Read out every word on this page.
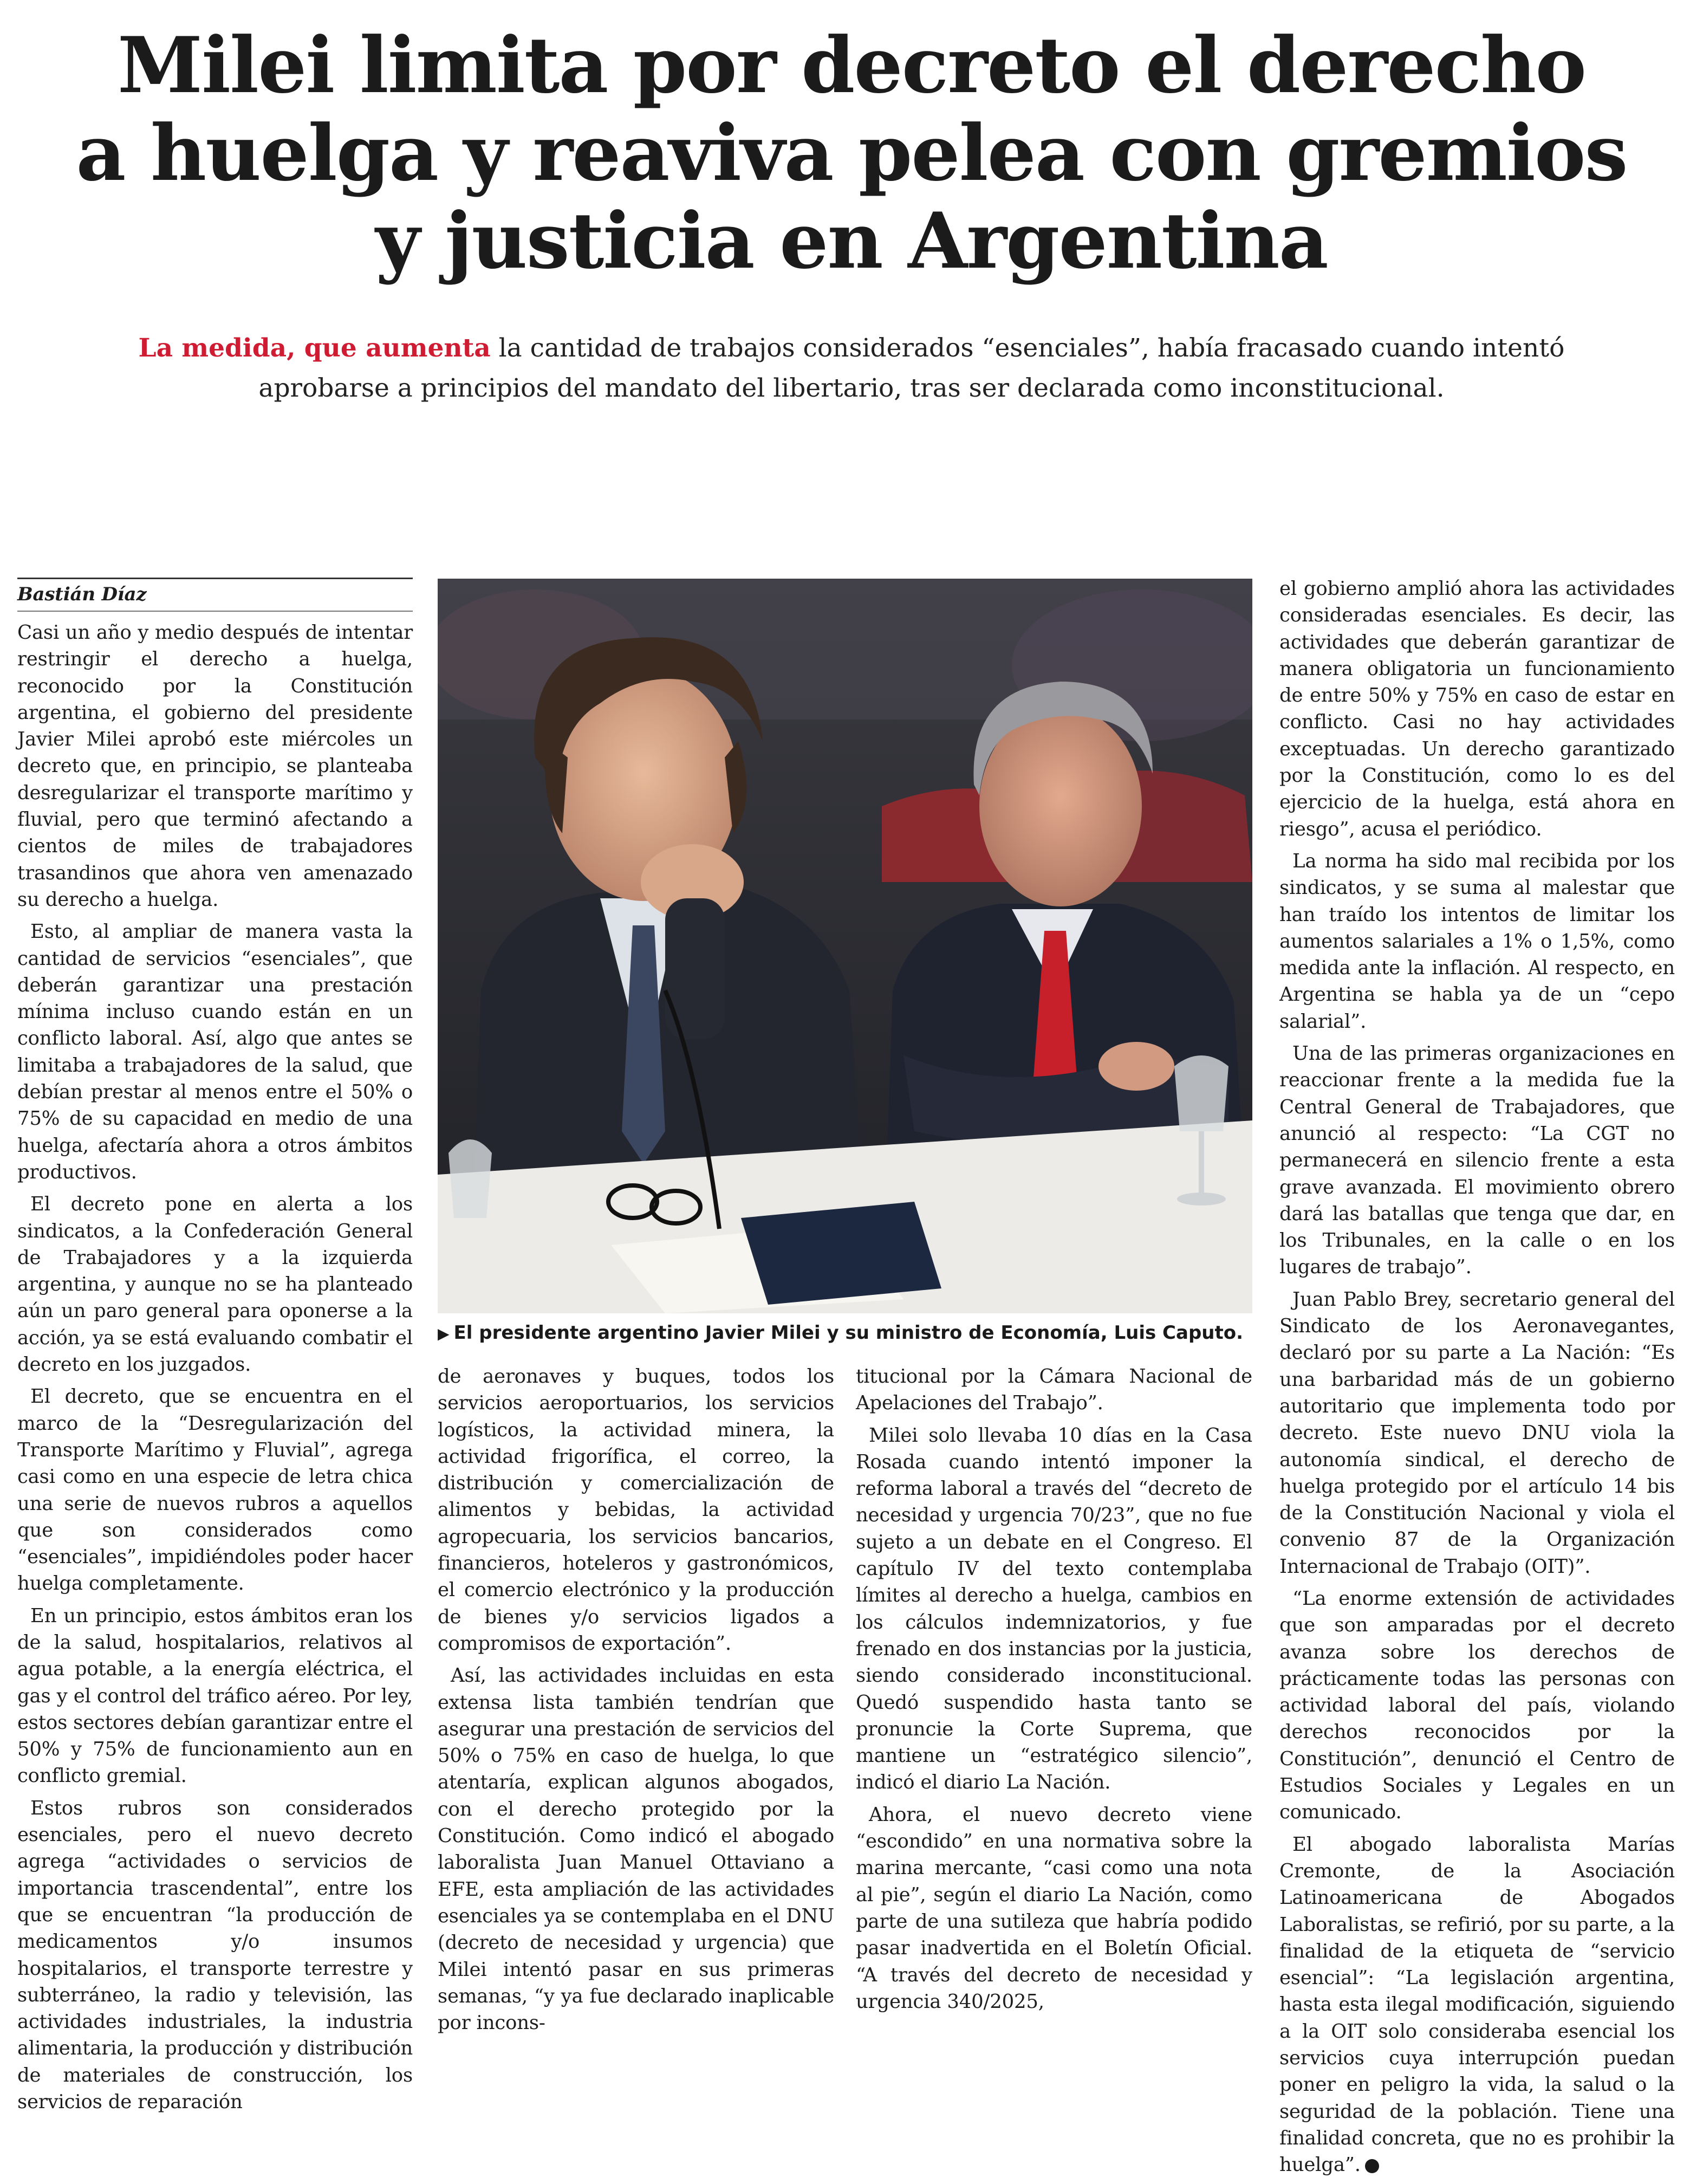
Milei limita por decreto el derecho
a huelga y reaviva pelea con gremios
y justicia en Argentina
La medida, que aumenta la cantidad de trabajos considerados “esenciales”, había fracasado cuando intentó aprobarse a principios del mandato del libertario, tras ser declarada como inconstitucional.
Bastián Díaz

Casi un año y medio después de intentar restringir el derecho a huelga, reconocido por la Constitución argentina, el gobierno del presidente Javier Milei aprobó este miércoles un decreto que, en principio, se planteaba desregularizar el transporte marítimo y fluvial, pero que terminó afectando a cientos de miles de trabajadores trasandinos que ahora ven amenazado su derecho a huelga.

Esto, al ampliar de manera vasta la cantidad de servicios “esenciales”, que deberán garantizar una prestación mínima incluso cuando están en un conflicto laboral. Así, algo que antes se limitaba a trabajadores de la salud, que debían prestar al menos entre el 50% o 75% de su capacidad en medio de una huelga, afectaría ahora a otros ámbitos productivos.

El decreto pone en alerta a los sindicatos, a la Confederación General de Trabajadores y a la izquierda argentina, y aunque no se ha planteado aún un paro general para oponerse a la acción, ya se está evaluando combatir el decreto en los juzgados.

El decreto, que se encuentra en el marco de la “Desregularización del Transporte Marítimo y Fluvial”, agrega casi como en una especie de letra chica una serie de nuevos rubros a aquellos que son considerados como “esenciales”, impidiéndoles poder hacer huelga completamente.

En un principio, estos ámbitos eran los de la salud, hospitalarios, relativos al agua potable, a la energía eléctrica, el gas y el control del tráfico aéreo. Por ley, estos sectores debían garantizar entre el 50% y 75% de funcionamiento aun en conflicto gremial.

Estos rubros son considerados esenciales, pero el nuevo decreto agrega “actividades o servicios de importancia trascendental”, entre los que se encuentran “la producción de medicamentos y/o insumos hospitalarios, el transporte terrestre y subterráneo, la radio y televisión, las actividades industriales, la industria alimentaria, la producción y distribución de materiales de construcción, los servicios de reparación

▶ El presidente argentino Javier Milei y su ministro de Economía, Luis Caputo.

de aeronaves y buques, todos los servicios aeroportuarios, los servicios logísticos, la actividad minera, la actividad frigorífica, el correo, la distribución y comercialización de alimentos y bebidas, la actividad agropecuaria, los servicios bancarios, financieros, hoteleros y gastronómicos, el comercio electrónico y la producción de bienes y/o servicios ligados a compromisos de exportación”.

Así, las actividades incluidas en esta extensa lista también tendrían que asegurar una prestación de servicios del 50% o 75% en caso de huelga, lo que atentaría, explican algunos abogados, con el derecho protegido por la Constitución. Como indicó el abogado laboralista Juan Manuel Ottaviano a EFE, esta ampliación de las actividades esenciales ya se contemplaba en el DNU (decreto de necesidad y urgencia) que Milei intentó pasar en sus primeras semanas, “y ya fue declarado inaplicable por incons-

titucional por la Cámara Nacional de Apelaciones del Trabajo”.

Milei solo llevaba 10 días en la Casa Rosada cuando intentó imponer la reforma laboral a través del “decreto de necesidad y urgencia 70/23”, que no fue sujeto a un debate en el Congreso. El capítulo IV del texto contemplaba límites al derecho a huelga, cambios en los cálculos indemnizatorios, y fue frenado en dos instancias por la justicia, siendo considerado inconstitucional. Quedó suspendido hasta tanto se pronuncie la Corte Suprema, que mantiene un “estratégico silencio”, indicó el diario La Nación.

Ahora, el nuevo decreto viene “escondido” en una normativa sobre la marina mercante, “casi como una nota al pie”, según el diario La Nación, como parte de una sutileza que habría podido pasar inadvertida en el Boletín Oficial. “A través del decreto de necesidad y urgencia 340/2025,

el gobierno amplió ahora las actividades consideradas esenciales. Es decir, las actividades que deberán garantizar de manera obligatoria un funcionamiento de entre 50% y 75% en caso de estar en conflicto. Casi no hay actividades exceptuadas. Un derecho garantizado por la Constitución, como lo es del ejercicio de la huelga, está ahora en riesgo”, acusa el periódico.

La norma ha sido mal recibida por los sindicatos, y se suma al malestar que han traído los intentos de limitar los aumentos salariales a 1% o 1,5%, como medida ante la inflación. Al respecto, en Argentina se habla ya de un “cepo salarial”.

Una de las primeras organizaciones en reaccionar frente a la medida fue la Central General de Trabajadores, que anunció al respecto: “La CGT no permanecerá en silencio frente a esta grave avanzada. El movimiento obrero dará las batallas que tenga que dar, en los Tribunales, en la calle o en los lugares de trabajo”.

Juan Pablo Brey, secretario general del Sindicato de los Aeronavegantes, declaró por su parte a La Nación: “Es una barbaridad más de un gobierno autoritario que implementa todo por decreto. Este nuevo DNU viola la autonomía sindical, el derecho de huelga protegido por el artículo 14 bis de la Constitución Nacional y viola el convenio 87 de la Organización Internacional de Trabajo (OIT)”.

“La enorme extensión de actividades que son amparadas por el decreto avanza sobre los derechos de prácticamente todas las personas con actividad laboral del país, violando derechos reconocidos por la Constitución”, denunció el Centro de Estudios Sociales y Legales en un comunicado.

El abogado laboralista Marías Cremonte, de la Asociación Latinoamericana de Abogados Laboralistas, se refirió, por su parte, a la finalidad de la etiqueta de “servicio esencial”: “La legislación argentina, hasta esta ilegal modificación, siguiendo a la OIT solo consideraba esencial los servicios cuya interrupción puedan poner en peligro la vida, la salud o la seguridad de la población. Tiene una finalidad concreta, que no es prohibir la huelga”.
